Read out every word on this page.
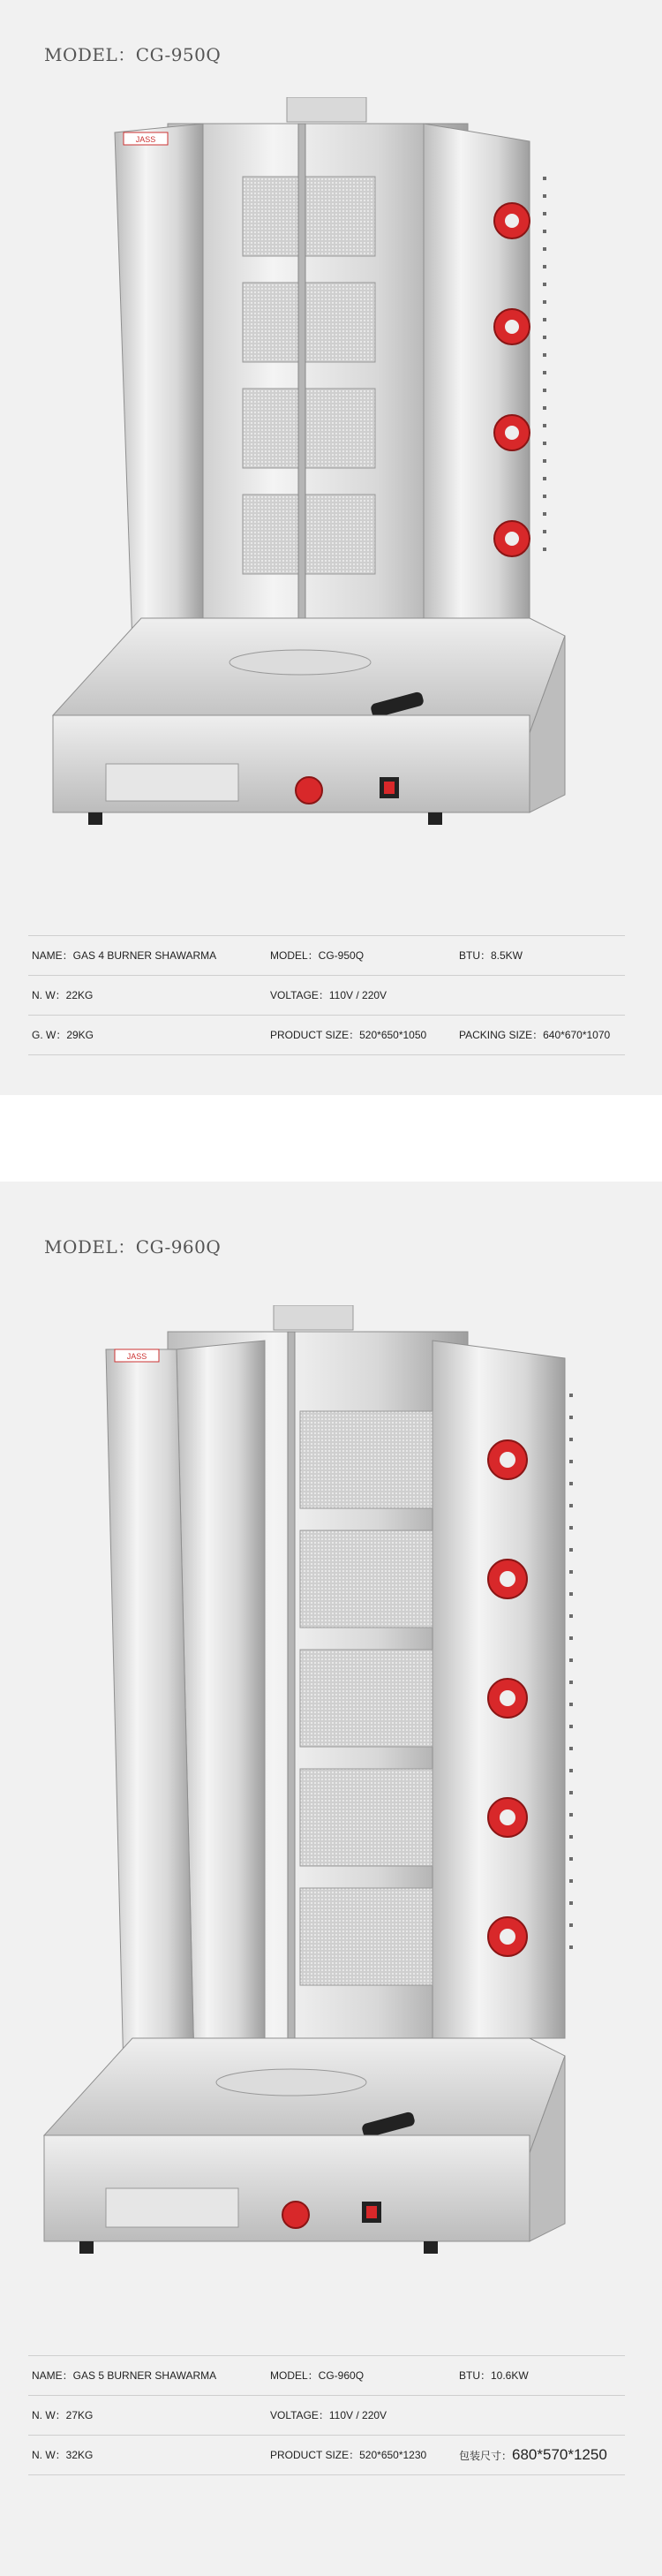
MODEL：CG-950Q
JASS
NAME：GAS 4 BURNER SHAWARMA	MODEL：CG-950Q	BTU：8.5KW
N. W：22KG	VOLTAGE：110V / 220V
G. W：29KG	PRODUCT SIZE：520*650*1050	PACKING SIZE：640*670*1070
MODEL：CG-960Q
JASS
NAME：GAS 5 BURNER SHAWARMA	MODEL：CG-960Q	BTU：10.6KW
N. W：27KG	VOLTAGE：110V / 220V
N. W：32KG	PRODUCT SIZE：520*650*1230	包装尺寸：680*570*1250
